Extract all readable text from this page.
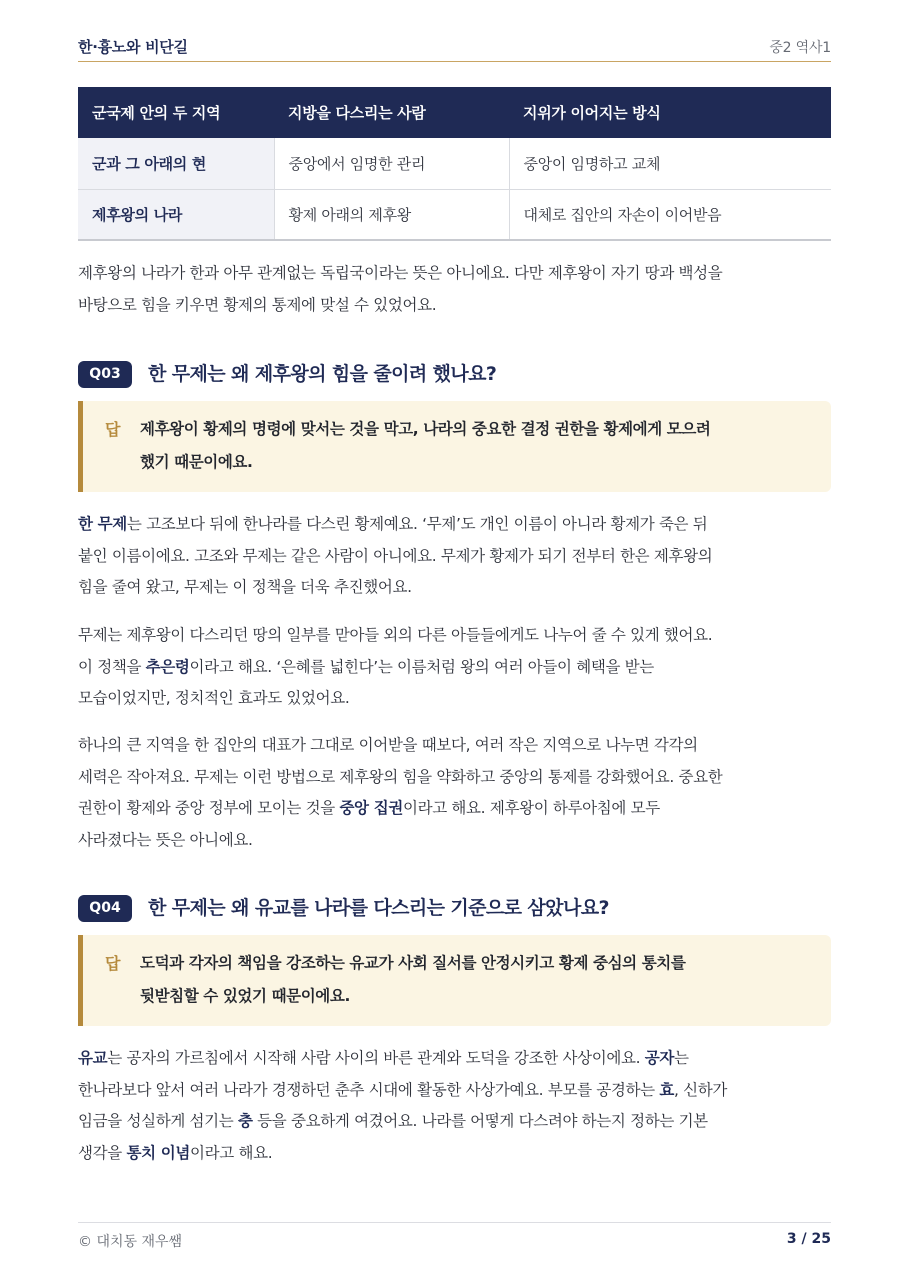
한·흉노와 비단길	중2 역사1
군국제 안의 두 지역	지방을 다스리는 사람	지위가 이어지는 방식
군과 그 아래의 현	중앙에서 임명한 관리	중앙이 임명하고 교체
제후왕의 나라	황제 아래의 제후왕	대체로 집안의 자손이 이어받음
제후왕의 나라가 한과 아무 관계없는 독립국이라는 뜻은 아니에요. 다만 제후왕이 자기 땅과 백성을
바탕으로 힘을 키우면 황제의 통제에 맞설 수 있었어요.
Q03	한 무제는 왜 제후왕의 힘을 줄이려 했나요?
답 제후왕이 황제의 명령에 맞서는 것을 막고, 나라의 중요한 결정 권한을 황제에게 모으려
했기 때문이에요.
한 무제는 고조보다 뒤에 한나라를 다스린 황제예요. ‘무제’도 개인 이름이 아니라 황제가 죽은 뒤
붙인 이름이에요. 고조와 무제는 같은 사람이 아니에요. 무제가 황제가 되기 전부터 한은 제후왕의
힘을 줄여 왔고, 무제는 이 정책을 더욱 추진했어요.
무제는 제후왕이 다스리던 땅의 일부를 맏아들 외의 다른 아들들에게도 나누어 줄 수 있게 했어요.
이 정책을 추은령이라고 해요. ‘은혜를 넓힌다’는 이름처럼 왕의 여러 아들이 혜택을 받는
모습이었지만, 정치적인 효과도 있었어요.
하나의 큰 지역을 한 집안의 대표가 그대로 이어받을 때보다, 여러 작은 지역으로 나누면 각각의
세력은 작아져요. 무제는 이런 방법으로 제후왕의 힘을 약화하고 중앙의 통제를 강화했어요. 중요한
권한이 황제와 중앙 정부에 모이는 것을 중앙 집권이라고 해요. 제후왕이 하루아침에 모두
사라졌다는 뜻은 아니에요.
Q04	한 무제는 왜 유교를 나라를 다스리는 기준으로 삼았나요?
답 도덕과 각자의 책임을 강조하는 유교가 사회 질서를 안정시키고 황제 중심의 통치를
뒷받침할 수 있었기 때문이에요.
유교는 공자의 가르침에서 시작해 사람 사이의 바른 관계와 도덕을 강조한 사상이에요. 공자는
한나라보다 앞서 여러 나라가 경쟁하던 춘추 시대에 활동한 사상가예요. 부모를 공경하는 효, 신하가
임금을 성실하게 섬기는 충 등을 중요하게 여겼어요. 나라를 어떻게 다스려야 하는지 정하는 기본
생각을 통치 이념이라고 해요.
© 대치동 재우쌤	3 / 25
